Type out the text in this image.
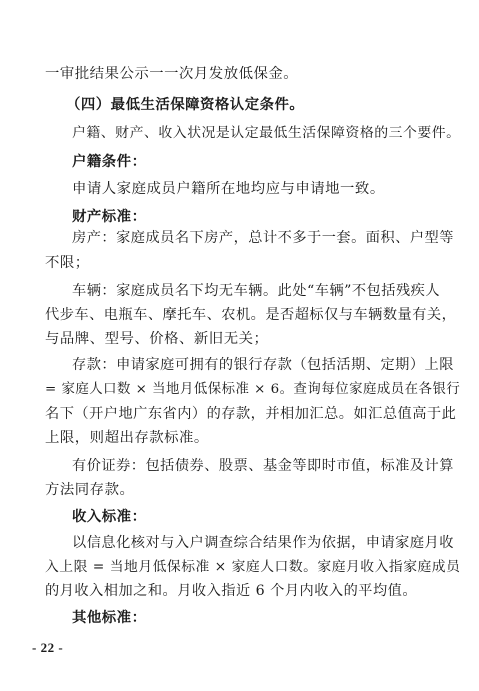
一审批结果公示一一次月发放低保金。
（四）最低生活保障资格认定条件。
户籍、财产、收入状况是认定最低生活保障资格的三个要件。
户籍条件：
申请人家庭成员户籍所在地均应与申请地一致。
财产标准：
房产：家庭成员名下房产，总计不多于一套。面积、户型等
不限；
车辆：家庭成员名下均无车辆。此处“车辆”不包括残疾人
代步车、电瓶车、摩托车、农机。是否超标仅与车辆数量有关，
与品牌、型号、价格、新旧无关；
存款：申请家庭可拥有的银行存款（包括活期、定期）上限
= 家庭人口数 × 当地月低保标准 × 6。查询每位家庭成员在各银行
名下（开户地广东省内）的存款，并相加汇总。如汇总值高于此
上限，则超出存款标准。
有价证券：包括债券、股票、基金等即时市值，标准及计算
方法同存款。
收入标准：
以信息化核对与入户调查综合结果作为依据，申请家庭月收
入上限 = 当地月低保标准 × 家庭人口数。家庭月收入指家庭成员
的月收入相加之和。月收入指近 6 个月内收入的平均值。
其他标准：
- 22 -
